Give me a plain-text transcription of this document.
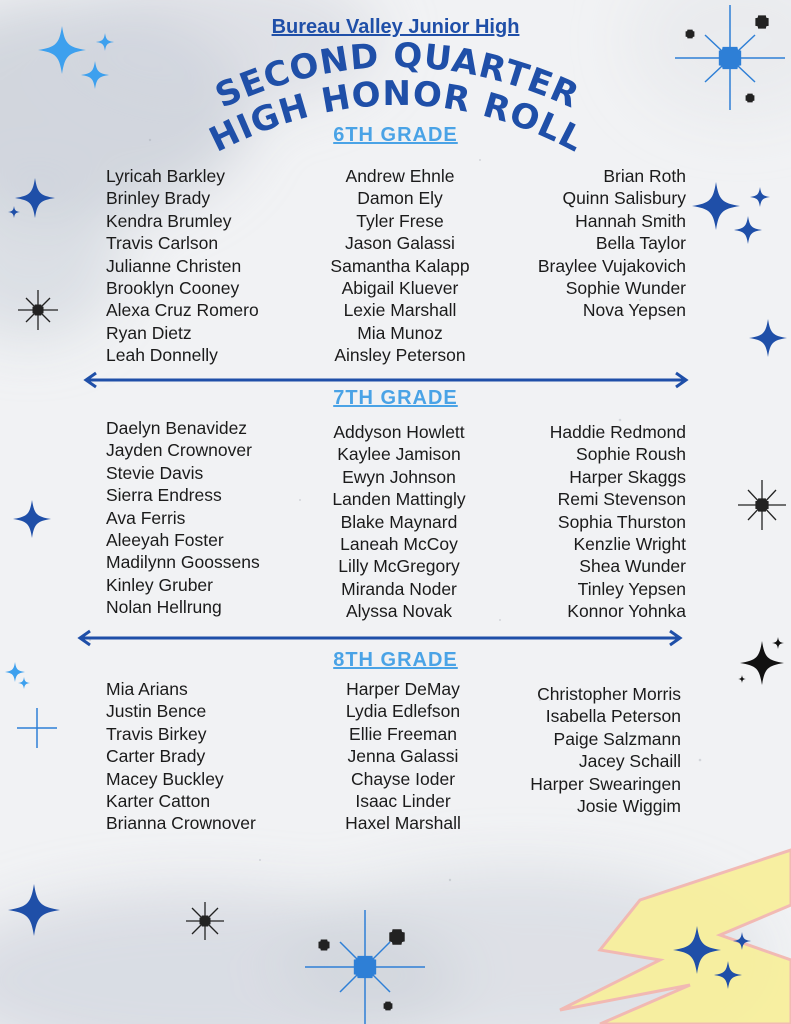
Bureau Valley Junior High
SECOND QUARTER
HIGH HONOR ROLL
6TH GRADE
Lyricah Barkley
Brinley Brady
Kendra Brumley
Travis Carlson
Julianne Christen
Brooklyn Cooney
Alexa Cruz Romero
Ryan Dietz
Leah Donnelly
Andrew Ehnle
Damon Ely
Tyler Frese
Jason Galassi
Samantha Kalapp
Abigail Kluever
Lexie Marshall
Mia Munoz
Ainsley Peterson
Brian Roth
Quinn Salisbury
Hannah Smith
Bella Taylor
Braylee Vujakovich
Sophie Wunder
Nova Yepsen
7TH GRADE
Daelyn Benavidez
Jayden Crownover
Stevie Davis
Sierra Endress
Ava Ferris
Aleeyah Foster
Madilynn Goossens
Kinley Gruber
Nolan Hellrung
Addyson Howlett
Kaylee Jamison
Ewyn Johnson
Landen Mattingly
Blake Maynard
Laneah McCoy
Lilly McGregory
Miranda Noder
Alyssa Novak
Haddie Redmond
Sophie Roush
Harper Skaggs
Remi Stevenson
Sophia Thurston
Kenzlie Wright
Shea Wunder
Tinley Yepsen
Konnor Yohnka
8TH GRADE
Mia Arians
Justin Bence
Travis Birkey
Carter Brady
Macey Buckley
Karter Catton
Brianna Crownover
Harper DeMay
Lydia Edlefson
Ellie Freeman
Jenna Galassi
Chayse Ioder
Isaac Linder
Haxel Marshall
Christopher Morris
Isabella Peterson
Paige Salzmann
Jacey Schaill
Harper Swearingen
Josie Wiggim
